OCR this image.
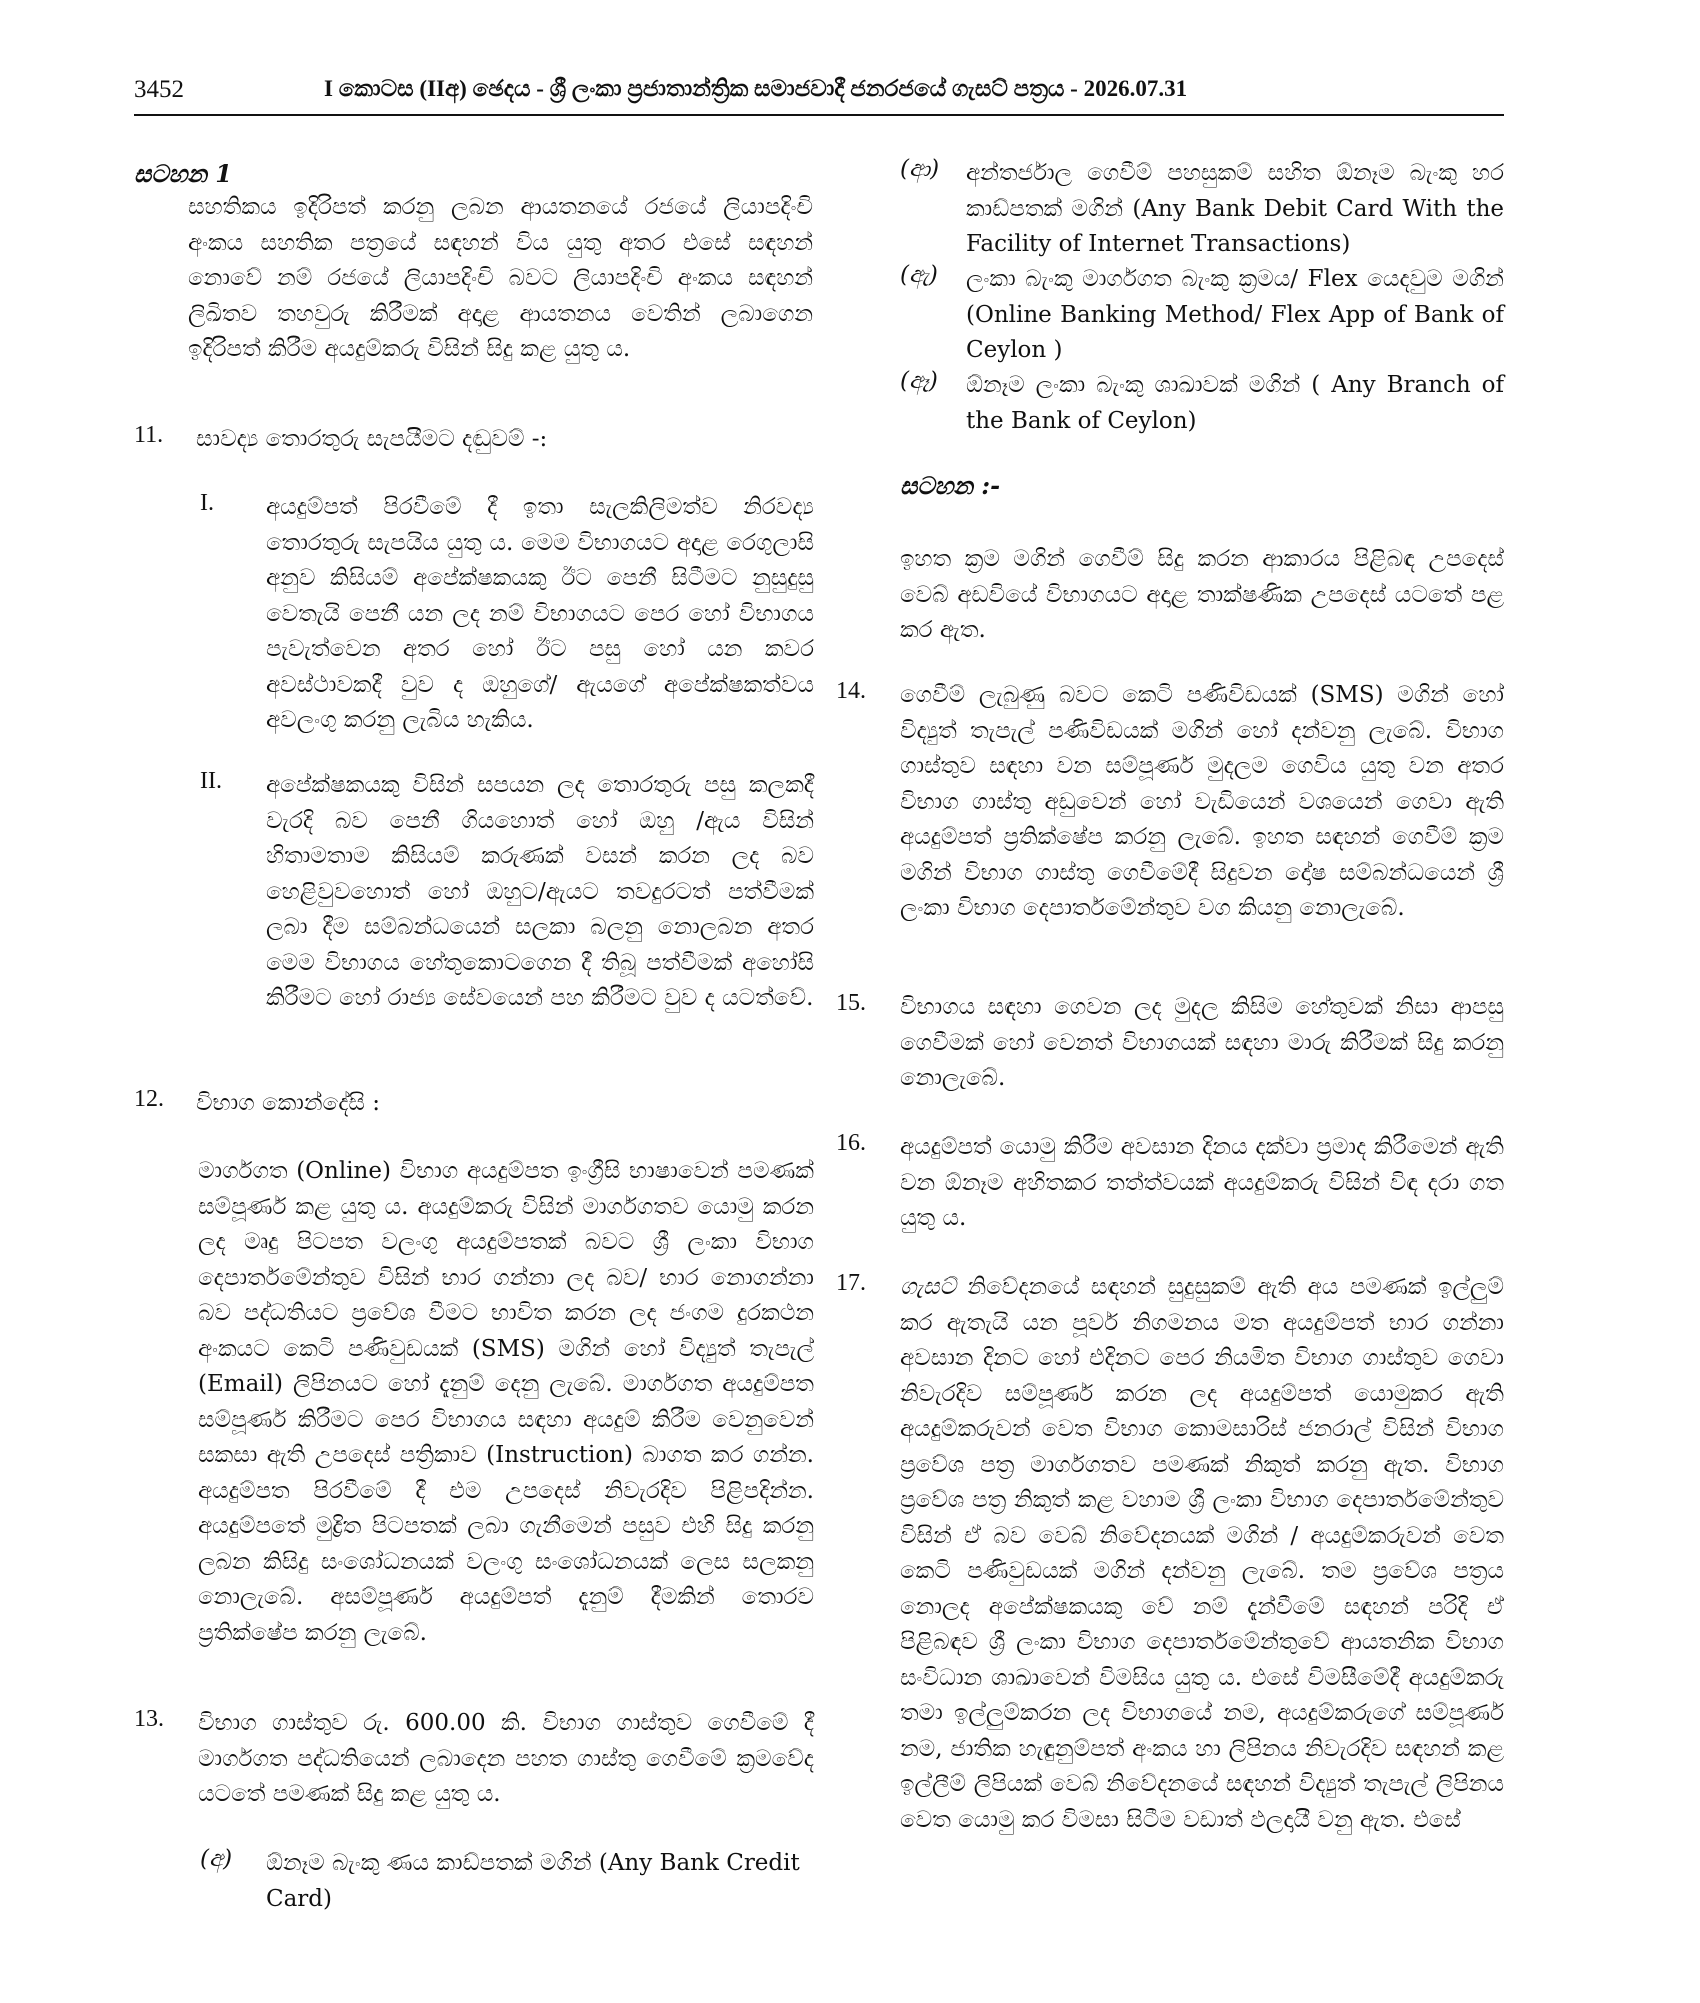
3452	I කොටස (IIඅ) ඡෙදය - ශ්‍රී ලංකා ප්‍රජාතාන්ත්‍රික සමාජවාදී ජනරජයේ ගැසට් පත්‍රය - 2026.07.31
සටහන 1
සහතිකය ඉදිරිපත් කරනු ලබන ආයතනයේ රජයේ ලියාපදිංචි අංකය සහතික පත්‍රයේ සඳහන් විය යුතු අතර එසේ සඳහන් නොවේ නම් රජයේ ලියාපදිංචි බවට ලියාපදිංචි අංකය සඳහන් ලිඛිතව තහවුරු කිරීමක් අදාළ ආයතනය වෙතින් ලබාගෙන ඉදිරිපත් කිරීම අයදුම්කරු විසින් සිදු කළ යුතු ය.
11. සාවද්‍ය තොරතුරු සැපයීමට දඬුවම් -:
I. අයදුම්පත් පිරවීමේ දී ඉතා සැලකිලිමත්ව නිරවද්‍ය තොරතුරු සැපයිය යුතු ය. මෙම විභාගයට අදාළ රෙගුලාසි අනුව කිසියම් අපේක්ෂකයකු ඊට පෙනී සිටීමට නුසුදුසු වෙතැයි පෙනී යන ලද නම් විභාගයට පෙර හෝ විභාගය පැවැත්වෙන අතර හෝ ඊට පසු හෝ යන කවර අවස්ථාවකදී වුව ද ඔහුගේ/ ඇයගේ අපේක්ෂකත්වය අවලංගු කරනු ලැබිය හැකිය.
II. අපේක්ෂකයකු විසින් සපයන ලද තොරතුරු පසු කලකදී වැරදි බව පෙනී ගියහොත් හෝ ඔහු /ඇය විසින් හිතාමතාම කිසියම් කරුණක් වසන් කරන ලද බව හෙළිවුවහොත් හෝ ඔහුට/ඇයට තවදුරටත් පත්වීමක් ලබා දීම සම්බන්ධයෙන් සලකා බලනු නොලබන අතර මෙම විභාගය හේතුකොටගෙන දී තිබූ පත්වීමක් අහෝසි කිරීමට හෝ රාජ්‍ය සේවයෙන් පහ කිරීමට වුව ද යටත්වේ.
12. විභාග කොන්දේසි :
මාර්ගගත (Online) විභාග අයදුම්පත ඉංග්‍රීසි භාෂාවෙන් පමණක් සම්පූර්ණ කළ යුතු ය. අයදුම්කරු විසින් මාර්ගගතව යොමු කරන ලද මෘදු පිටපත වලංගු අයදුම්පතක් බවට ශ්‍රී ලංකා විභාග දෙපාර්තමේන්තුව විසින් භාර ගන්නා ලද බව/ භාර නොගන්නා බව පද්ධතියට ප්‍රවේශ වීමට භාවිත කරන ලද ජංගම දුරකථන අංකයට කෙටි පණිවුඩයක් (SMS) මගින් හෝ විද්‍යුත් තැපැල් (Email) ලිපිනයට හෝ දැනුම් දෙනු ලැබේ. මාර්ගගත අයදුම්පත සම්පූර්ණ කිරීමට පෙර විභාගය සඳහා අයදුම් කිරීම වෙනුවෙන් සකසා ඇති උපදෙස් පත්‍රිකාව (Instruction) බාගත කර ගන්න. අයදුම්පත පිරවීමේ දී එම උපදෙස් නිවැරදිව පිළිපදින්න. අයදුම්පතේ මුද්‍රිත පිටපතක් ලබා ගැනීමෙන් පසුව එහි සිදු කරනු ලබන කිසිදු සංශෝධනයක් වලංගු සංශෝධනයක් ලෙස සලකනු නොලැබේ. අසම්පූර්ණ අයදුම්පත් දැනුම් දීමකින් තොරව ප්‍රතික්ෂේප කරනු ලැබේ.
13. විභාග ගාස්තුව රු. 600.00 කි. විභාග ගාස්තුව ගෙවීමේ දී මාර්ගගත පද්ධතියෙන් ලබාදෙන පහත ගාස්තු ගෙවීමේ ක්‍රමවේද යටතේ පමණක් සිදු කළ යුතු ය.
(අ) ඕනෑම බැංකු ණය කාඩ්පතක් මගින් (Any Bank Credit Card)
(ආ) අන්තර්ජාල ගෙවීම් පහසුකම් සහිත ඕනෑම බැංකු හර කාඩ්පතක් මගින් (Any Bank Debit Card With the Facility of Internet Transactions)
(ඇ) ලංකා බැංකු මාර්ගගත බැංකු ක්‍රමය/ Flex යෙදවුම මගින් (Online Banking Method/ Flex App of Bank of Ceylon )
(ඈ) ඕනෑම ලංකා බැංකු ශාඛාවක් මගින් ( Any Branch of the Bank of Ceylon)
සටහන :-
ඉහත ක්‍රම මගින් ගෙවීම් සිදු කරන ආකාරය පිළිබඳ උපදෙස් වෙබ් අඩවියේ විභාගයට අදාළ තාක්ෂණික උපදෙස් යටතේ පළ කර ඇත.
14. ගෙවීම් ලැබුණු බවට කෙටි පණිවිඩයක් (SMS) මගින් හෝ විද්‍යුත් තැපැල් පණිවිඩයක් මගින් හෝ දන්වනු ලැබේ. විභාග ගාස්තුව සඳහා වන සම්පූර්ණ මුදලම ගෙවිය යුතු වන අතර විභාග ගාස්තු අඩුවෙන් හෝ වැඩියෙන් වශයෙන් ගෙවා ඇති අයදුම්පත් ප්‍රතික්ෂේප කරනු ලැබේ. ඉහත සඳහන් ගෙවීම් ක්‍රම මගින් විභාග ගාස්තු ගෙවීමේදී සිදුවන දෝෂ සම්බන්ධයෙන් ශ්‍රී ලංකා විභාග දෙපාර්තමේන්තුව වග කියනු නොලැබේ.
15. විභාගය සඳහා ගෙවන ලද මුදල කිසිම හේතුවක් නිසා ආපසු ගෙවීමක් හෝ වෙනත් විභාගයක් සඳහා මාරු කිරීමක් සිදු කරනු නොලැබේ.
16. අයදුම්පත් යොමු කිරීම අවසාන දිනය දක්වා ප්‍රමාද කිරීමෙන් ඇති වන ඕනෑම අහිතකර තත්ත්වයක් අයදුම්කරු විසින් විඳ දරා ගත යුතු ය.
17. ගැසට් නිවේදනයේ සඳහන් සුදුසුකම් ඇති අය පමණක් ඉල්ලුම් කර ඇතැයි යන පූර්ව නිගමනය මත අයදුම්පත් භාර ගන්නා අවසාන දිනට හෝ එදිනට පෙර නියමිත විභාග ගාස්තුව ගෙවා නිවැරදිව සම්පූර්ණ කරන ලද අයදුම්පත් යොමුකර ඇති අයදුම්කරුවන් වෙත විභාග කොමසාරිස් ජනරාල් විසින් විභාග ප්‍රවේශ පත්‍ර මාර්ගගතව පමණක් නිකුත් කරනු ඇත. විභාග ප්‍රවේශ පත්‍ර නිකුත් කළ වහාම ශ්‍රී ලංකා විභාග දෙපාර්තමේන්තුව විසින් ඒ බව වෙබ් නිවේදනයක් මගින් / අයදුම්කරුවන් වෙත කෙටි පණිවුඩයක් මගින් දන්වනු ලැබේ. තම ප්‍රවේශ පත්‍රය නොලද අපේක්ෂකයකු වේ නම් දැන්වීමේ සඳහන් පරිදි ඒ පිළිබඳව ශ්‍රී ලංකා විභාග දෙපාර්තමේන්තුවේ ආයතනික විභාග සංවිධාන ශාඛාවෙන් විමසිය යුතු ය. එසේ විමසීමේදී අයදුම්කරු තමා ඉල්ලුම්කරන ලද විභාගයේ නම, අයදුම්කරුගේ සම්පූර්ණ නම, ජාතික හැඳුනුම්පත් අංකය හා ලිපිනය නිවැරදිව සඳහන් කළ ඉල්ලීම් ලිපියක් වෙබ් නිවේදනයේ සඳහන් විද්‍යුත් තැපැල් ලිපිනය වෙත යොමු කර විමසා සිටීම වඩාත් ඵලදායී වනු ඇත. එසේ
